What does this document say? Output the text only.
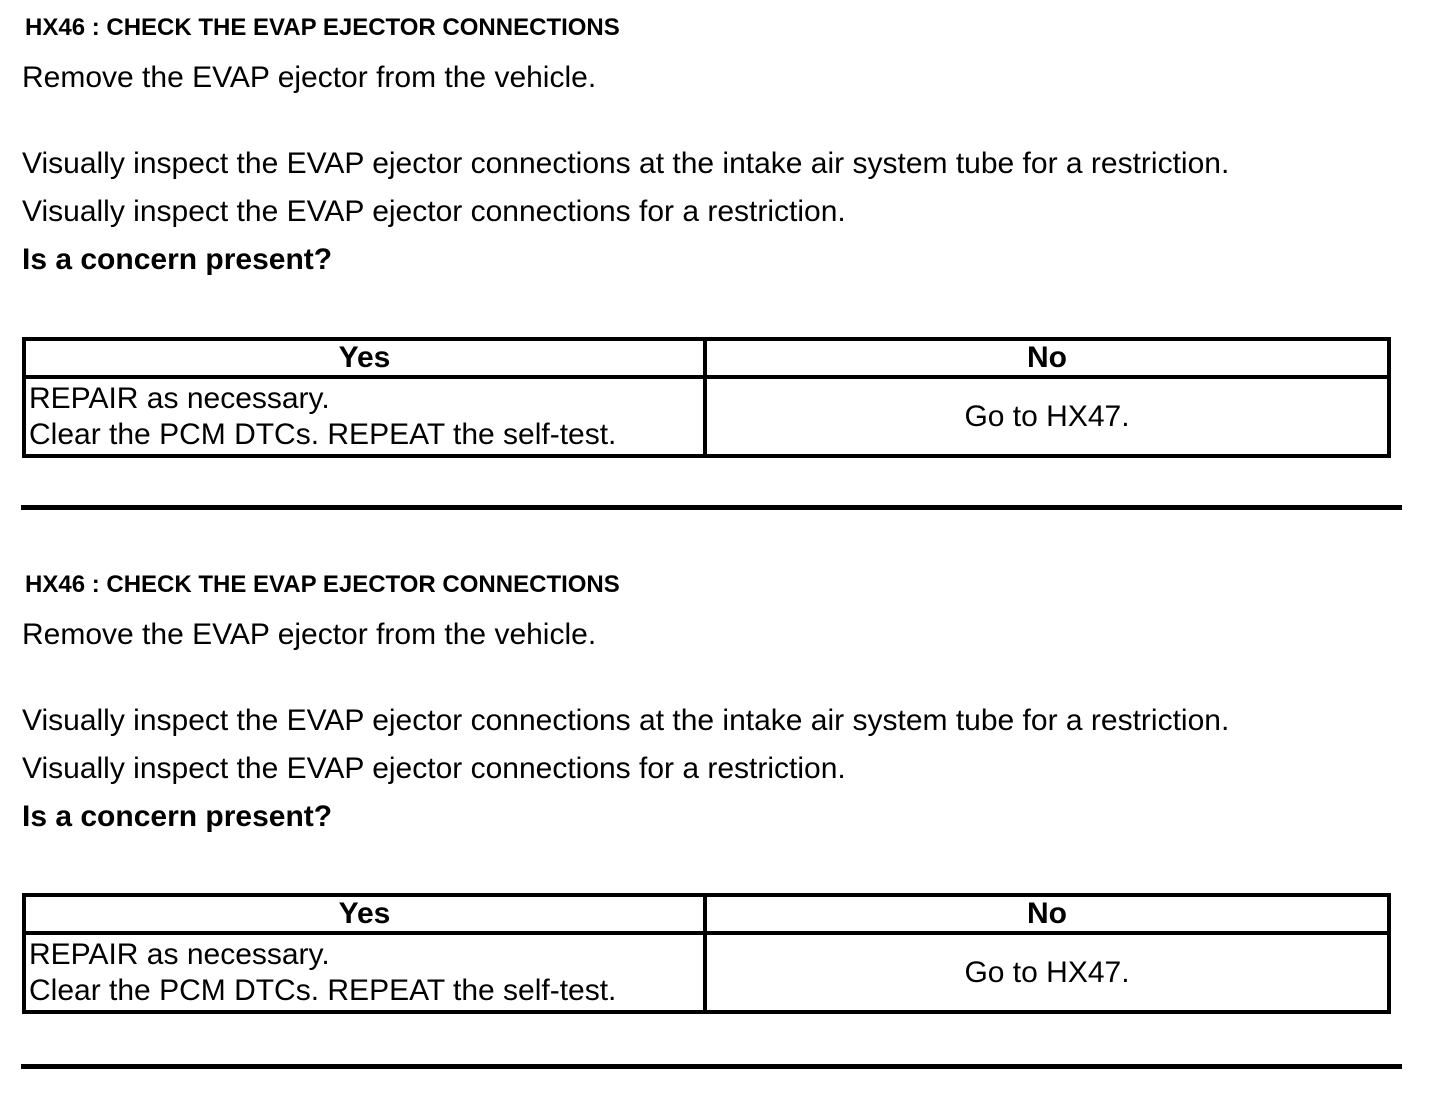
HX46 : CHECK THE EVAP EJECTOR CONNECTIONS
Remove the EVAP ejector from the vehicle.
Visually inspect the EVAP ejector connections at the intake air system tube for a restriction.
Visually inspect the EVAP ejector connections for a restriction.
Is a concern present?
Yes	No

REPAIR as necessary.
Clear the PCM DTCs. REPEAT the self-test.	Go to HX47.
HX46 : CHECK THE EVAP EJECTOR CONNECTIONS
Remove the EVAP ejector from the vehicle.
Visually inspect the EVAP ejector connections at the intake air system tube for a restriction.
Visually inspect the EVAP ejector connections for a restriction.
Is a concern present?
Yes	No

REPAIR as necessary.
Clear the PCM DTCs. REPEAT the self-test.	Go to HX47.
